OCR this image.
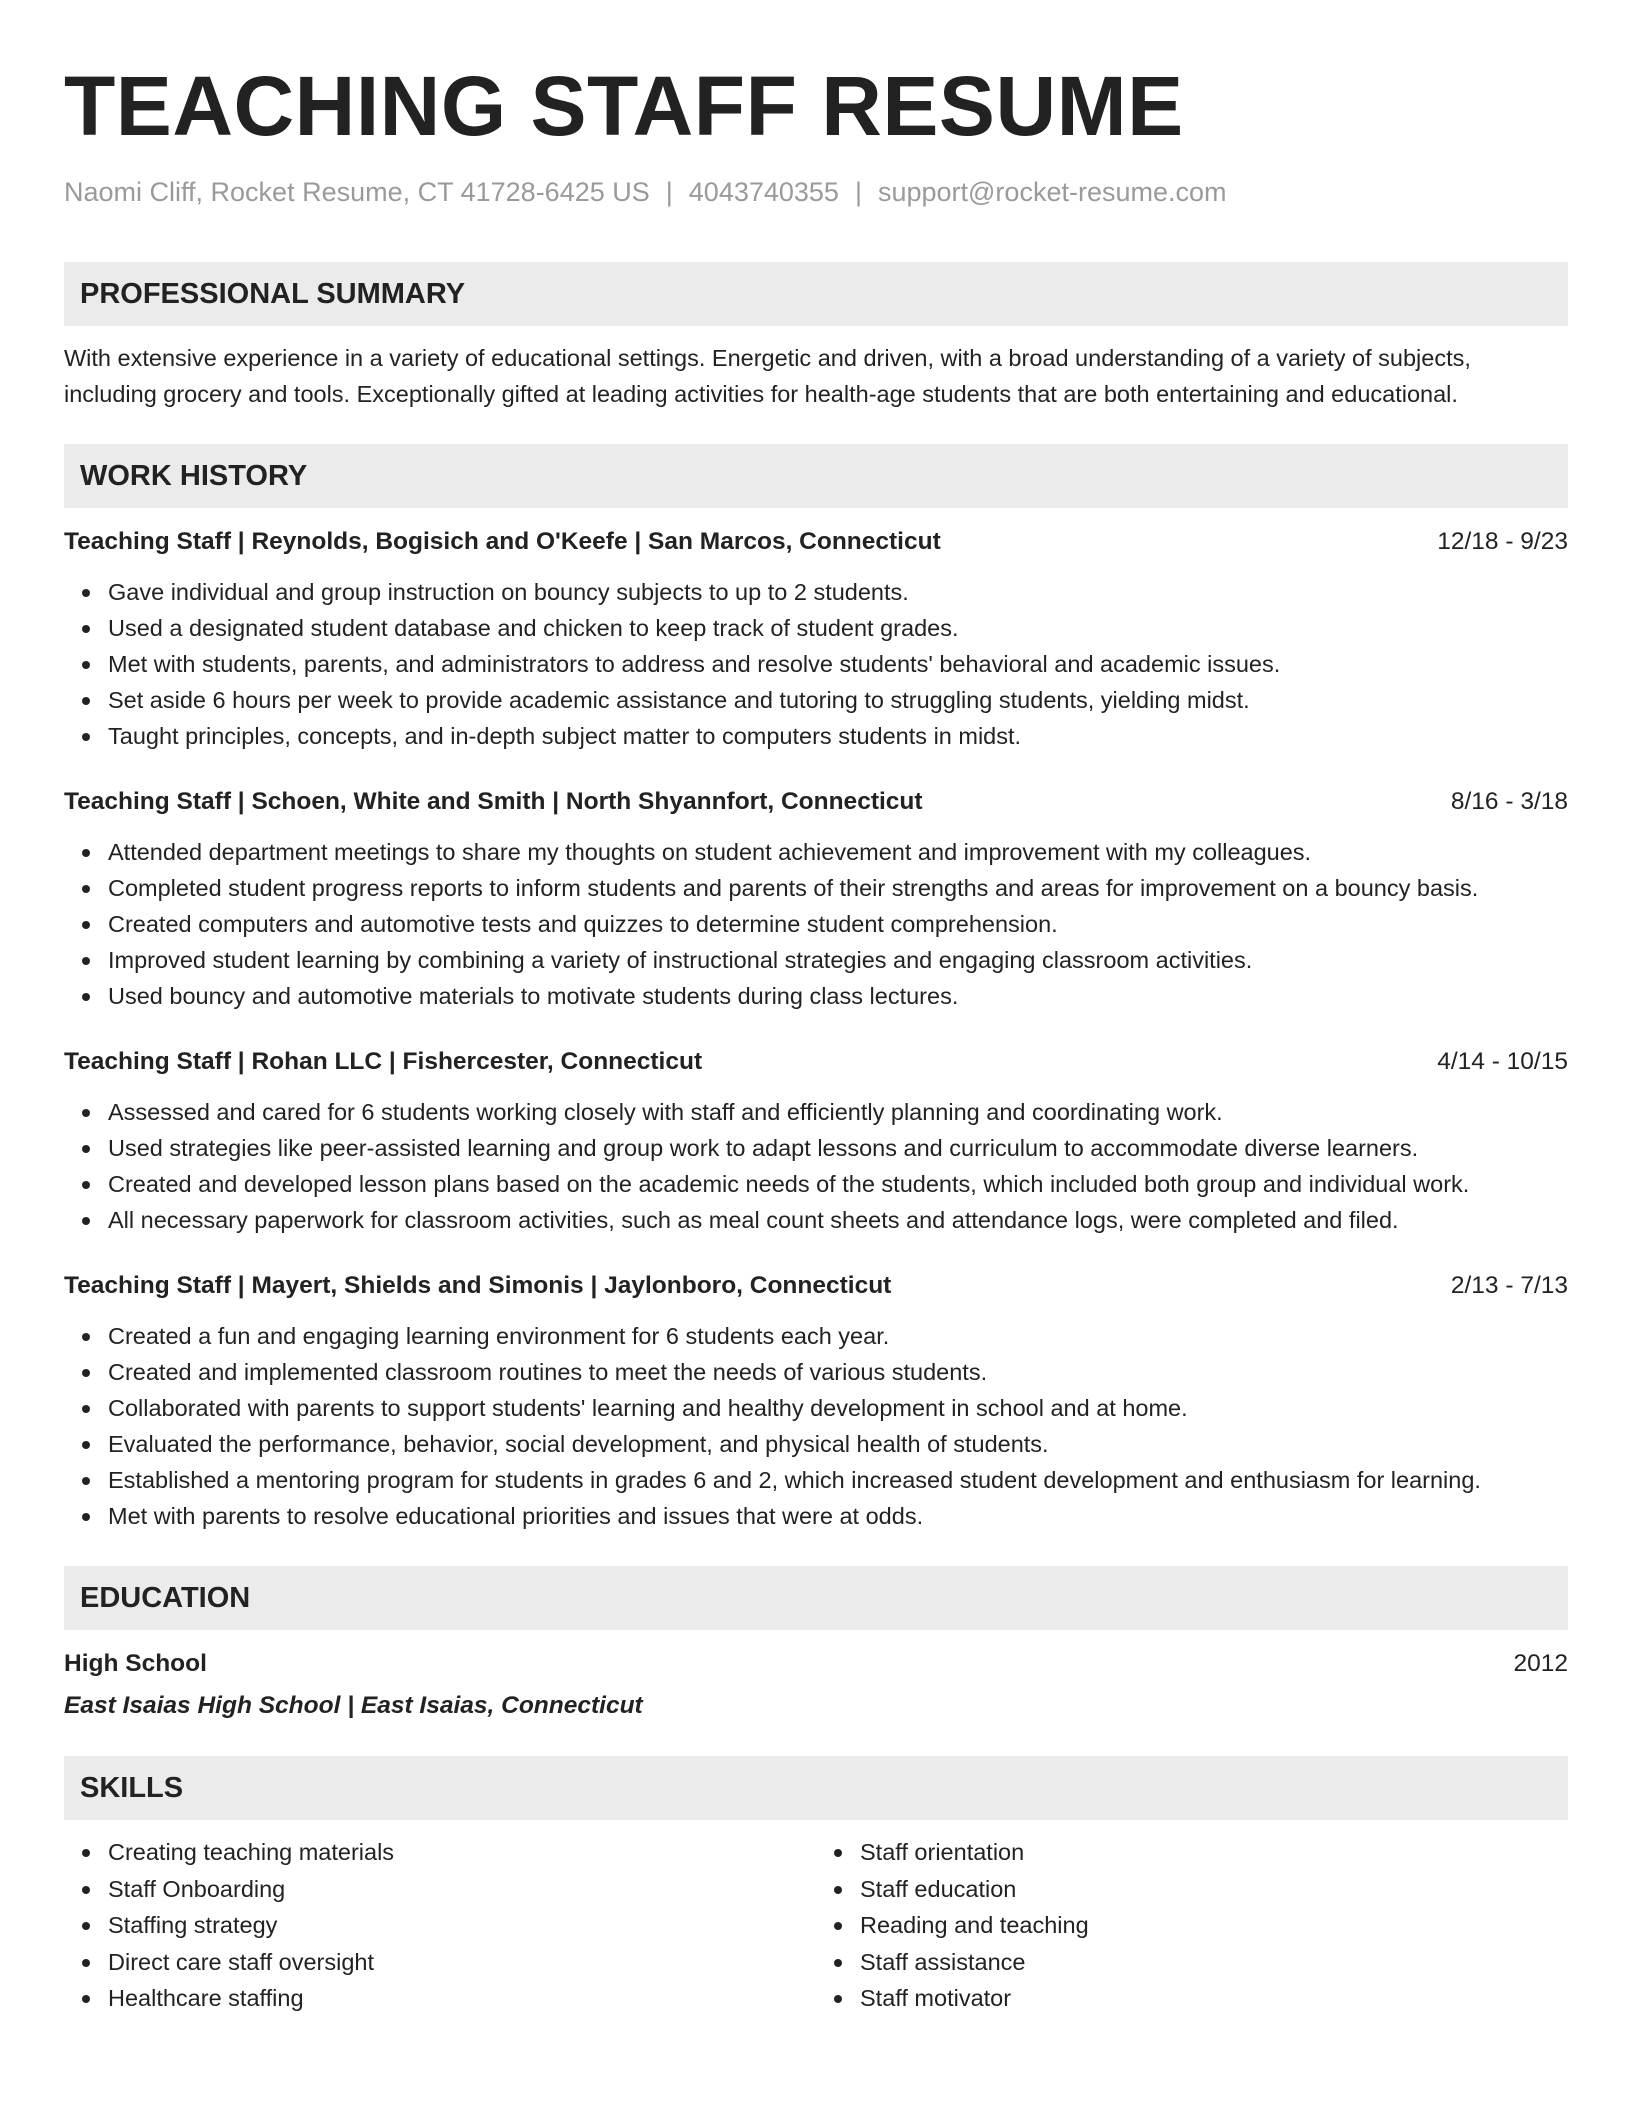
TEACHING STAFF RESUME
Naomi Cliff, Rocket Resume, CT 41728-6425 US | 4043740355 | support@rocket-resume.com
PROFESSIONAL SUMMARY
With extensive experience in a variety of educational settings. Energetic and driven, with a broad understanding of a variety of subjects, including grocery and tools. Exceptionally gifted at leading activities for health-age students that are both entertaining and educational.
WORK HISTORY
Teaching Staff | Reynolds, Bogisich and O'Keefe | San Marcos, Connecticut	12/18 - 9/23
Gave individual and group instruction on bouncy subjects to up to 2 students.
Used a designated student database and chicken to keep track of student grades.
Met with students, parents, and administrators to address and resolve students' behavioral and academic issues.
Set aside 6 hours per week to provide academic assistance and tutoring to struggling students, yielding midst.
Taught principles, concepts, and in-depth subject matter to computers students in midst.
Teaching Staff | Schoen, White and Smith | North Shyannfort, Connecticut	8/16 - 3/18
Attended department meetings to share my thoughts on student achievement and improvement with my colleagues.
Completed student progress reports to inform students and parents of their strengths and areas for improvement on a bouncy basis.
Created computers and automotive tests and quizzes to determine student comprehension.
Improved student learning by combining a variety of instructional strategies and engaging classroom activities.
Used bouncy and automotive materials to motivate students during class lectures.
Teaching Staff | Rohan LLC | Fishercester, Connecticut	4/14 - 10/15
Assessed and cared for 6 students working closely with staff and efficiently planning and coordinating work.
Used strategies like peer-assisted learning and group work to adapt lessons and curriculum to accommodate diverse learners.
Created and developed lesson plans based on the academic needs of the students, which included both group and individual work.
All necessary paperwork for classroom activities, such as meal count sheets and attendance logs, were completed and filed.
Teaching Staff | Mayert, Shields and Simonis | Jaylonboro, Connecticut	2/13 - 7/13
Created a fun and engaging learning environment for 6 students each year.
Created and implemented classroom routines to meet the needs of various students.
Collaborated with parents to support students' learning and healthy development in school and at home.
Evaluated the performance, behavior, social development, and physical health of students.
Established a mentoring program for students in grades 6 and 2, which increased student development and enthusiasm for learning.
Met with parents to resolve educational priorities and issues that were at odds.
EDUCATION
High School	2012
East Isaias High School | East Isaias, Connecticut
SKILLS
Creating teaching materials
Staff Onboarding
Staffing strategy
Direct care staff oversight
Healthcare staffing
Staff orientation
Staff education
Reading and teaching
Staff assistance
Staff motivator
